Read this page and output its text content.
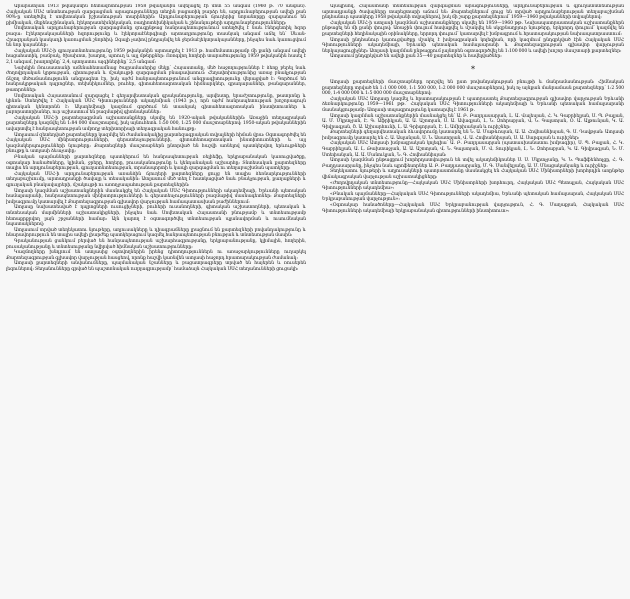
Արարատյան 1913 թվականին հետազոտության 1958 թվականին ավելացել էր մոտ 55 անգամ (1960 թ. 70 անգամ). Հայկական ՍՍՀ տնտեսության զարգացման արագությունները տեղին բացառիկ բարձր են, արդյունաբերության ավելի քան 90%-ը ստեղծվել է սովետական իշխանության տարիներին։ Արդյունաբերության ճյուղերից նորանորքը զարգանում են քիմիական, մեքենաշինական, էլեկտրատեխնիկական, ռադիոտեխնիկական և շինանյութերի արդյունաբերությունները։

Սովետական արդյունաբերության զարգացմանը զուգընթաց հանրապետությունում ստեղծվել է նաև էներգետիկ հզոր բազա։ Էլեկտրակայանների հզորությունը և էլեկտրաէներգիայի արտադրությունը տասնյակ անգամ աճել են՝ Սևան-Հրազդանյան կասկադի կառուցման շնորհիվ։ Զգալի չափով ընդլայնվել են ջերմաէլեկտրակայանները, ինչպես նաև կառուցվում են նոր կայաններ։

Հայկական ՍՍՀ-ի գյուղատնտեսությունը 1959 թվականին արտադրել է 1913 թ. համեմատությամբ մի քանի անգամ ավելի հացահատիկ, բամբակ, ծխախոտ, խաղող, պտուղ և այլ մթերքներ։ Ոռոգվող հողերի տարածությունը 1959 թվականին հասել է 2,1 անգամ, խաղողինը՝ 2,4, պտղատու այգիներինը՝ 2,5 անգամ։

Նախկին Ռուսաստանի ամենահետամնաց ծայրամասերից մեկը՝ Հայաստանը, մեծ հաջողություններ է ձեռք բերել նաև ժողովրդական կրթության, գիտության և մշակույթի զարգացման բնագավառում։ Հեղափոխությունից առաջ բնակչության ճնշող մեծամասնությունն անգրագետ էր, իսկ այժմ հանրապետությունում անգրագիտությունը վերացված է։ Գործում են հանրակրթական դպրոցներ, տեխնիկումներ, բուհեր, գիտահետազոտական հիմնարկներ, գրադարաններ, թանգարաններ, թատրոններ։

Սովետական Հայաստանում զարգացել է գեղարվեստական գրականությունը, արվեստը, երաժշտությունը, թատրոնը և կինոն։ Ստեղծվել է Հայկական ՍՍՀ Գիտությունների ակադեմիան (1943 թ.), որն այժմ հանրապետության խոշորագույն գիտական կենտրոնն է։ Ակադեմիայի կազմում գործում են տասնյակ գիտահետազոտական ինստիտուտներ և լաբորատորիաներ, ուր աշխատում են բազմաթիվ գիտնականներ։

Հայկական ՍՍՀ-ի քարտեզագրման աշխատանքները սկսվել են 1920-ական թվականներին։ Առաջին տեղագրական քարտեզները կազմվել են 1:84 000 մասշտաբով, իսկ այնուհետև 1:50 000, 1:25 000 մասշտաբներով։ 1950-ական թվականներին ավարտվել է հանրապետության ամբողջ տերիտորիայի տեղագրական հանույթը։

Ատլասում զետեղված քարտեզները կազմվել են ժամանակակից քարտեզագրական տվյալների հիման վրա։ Օգտագործվել են Հայկական ՍՍՀ մինիստրությունների, գերատեսչությունների, գիտահետազոտական ինստիտուտների և այլ կազմակերպությունների նյութերը։ Քարտեզների մասշտաբներն ընտրված են հաշվի առնելով պատկերվող երևույթների բնույթը և ատլասի ձևաչափը։

Բնական պայմանների քարտեզները պատկերում են հանրապետության ռելիեֆը, երկրաբանական կառուցվածքը, օգտակար հանածոները, կլիման, ջրերը, հողերը, բուսականությունը և կենդանական աշխարհը։ Տնտեսական քարտեզները տալիս են արդյունաբերության, գյուղատնտեսության, տրանսպորտի և կապի զարգացման ու տեղաբաշխման պատկերը։

Հայկական ՍՍՀ-ի արդյունաբերության առանձին ճյուղերի քարտեզները ցույց են տալիս ձեռնարկությունների տեղաբաշխումը, արտադրանքի ծավալը և տեսականին։ Ատլասում մեծ տեղ է հատկացված նաև բնակչության, քաղաքների և գյուղական բնակավայրերի, մշակույթի ու առողջապահության քարտեզներին։

Ատլասի կազմման աշխատանքներին մասնակցել են Հայկական ՍՍՀ Գիտությունների ակադեմիայի, Երևանի պետական համալսարանի, հանրապետության մինիստրությունների և գերատեսչությունների բազմաթիվ մասնագետներ։ Քարտեզների խմբագրումը կատարվել է Քարտեզագրության գլխավոր վարչության համապատասխան բաժիններում։

Ատլասը նախատեսված է դպրոցների ուսուցիչների, բուհերի ուսանողների, գիտական աշխատողների, պետական և տնտեսական մարմինների աշխատակիցների, ինչպես նաև Սովետական Հայաստանի բնությամբ և տնտեսությամբ հետաքրքրվող լայն շրջանների համար։ Այն կարող է օգտագործվել տնտեսության պլանավորման և ուսումնական նպատակներով։

Ատլասում տրված տեղեկատու նյութերը, աղյուսակները և դիագրամները լրացնում են քարտեզների բովանդակությունը և հնարավորություն են տալիս ավելի լիարժեք պատկերացում կազմել հանրապետության բնության և տնտեսության մասին։

Գրականության ցանկում բերված են հանրապետության աշխարհագրությանը, երկրաբանությանը, կլիմային, հողերին, բուսականությանը և տնտեսությանը նվիրված հիմնական աշխատությունները։

Կազմողները խնդրում են ատլասից օգտվողներին իրենց դիտողություններն ու առաջարկությունները ուղարկել Քարտեզագրության գլխավոր վարչության հասցեով, որոնք հաշվի կառնվեն ատլասի հաջորդ հրատարակության ժամանակ։

Ատլասի քարտեզների անվանումները, պայմանական նշանները և բացատրագրերը տրված են հայերեն և ռուսերեն լեզուներով։ Տեղանունները գրված են պաշտոնական ուղղագրությամբ՝ համաձայն Հայկական ՍՍՀ տեղանունների ցուցակի։

Այսպիսով, Հայաստանի տնտեսության զարգացման արագությունները, արդյունաբերության և գյուղատնտեսության արտադրանքի ծավալները տարեցտարի աճում են։ Քարտեզներում ցույց են տրված արդյունաբերության տեղաբաշխման ընդհանուր պատկերը 1958 թվականի տվյալներով, իսկ մի շարք քարտեզներում՝ 1959—1960 թվականների տվյալներով։

Հայկական ՍՍՀ-ի ատլասի կազմման աշխատանքները սկսվել են 1959—1960 թթ. Նախապատրաստական աշխատանքներն ընթացել են մի քանի փուլով։ Առաջին փուլում հավաքվել և մշակվել են սկզբնաղբյուր նյութերը, երկրորդ փուլում՝ կազմվել են քարտեզների հեղինակային օրինակները, երրորդ փուլում՝ կատարվել է խմբագրում և հրատարակության նախապատրաստում։

Ատլասի ընդհանուր կառուցվածքը մշակել է խմբագրական կոլեգիան, որի կազմում ընդգրկված էին Հայկական ՍՍՀ Գիտությունների ակադեմիայի, Երևանի պետական համալսարանի և Քարտեզագրության գլխավոր վարչության ներկայացուցիչներ։ Ատլասի կազմման ընթացքում լայնորեն օգտագործվել են 1:100 000 և ավելի խոշոր մասշտաբի քարտեզներ։

Ատլասում ընդգրկված են ավելի քան 35—40 քարտեզներ և հավելվածներ։

*

Ատլասի քարտեզների մասշտաբները որոշվել են ըստ բովանդակության բնույթի և մանրամասնության։ Հիմնական քարտեզները տրված են 1:1 000 000, 1:1 500 000, 1:2 000 000 մասշտաբներով, իսկ ոչ այնքան մանրամասն քարտեզները՝ 1:2 500 000, 1:4 000 000 և 1:5 000 000 մասշտաբներով։

Հայկական ՍՍՀ Ատլասը կազմել և հրատարակության է պատրաստել Քարտեզագրության գլխավոր վարչության Երևանի ձեռնարկությունը 1959—1961 թթ.՝ Հայկական ՍՍՀ Գիտությունների ակադեմիայի և Երևանի պետական համալսարանի մասնակցությամբ։ Ատլասի տպագրությունը կատարվել է 1961 թ.

Ատլասի կազմման աշխատանքներին մասնակցել են՝ Ա. Բ. Բաղդասարյան, Լ. Ա. Վալեսյան, Հ. Կ. Գաբրիելյան, Ս. Պ. Բալյան, Ա. Մ. Մկրտչյան, Է. Գ. Աֆրիկյան, Ա. Ա. Աշոտյան, Ս. Ա. Ավագյան, Լ. Ն. Զոհրաբյան, Վ. Ն. Գալստյան, Օ. Ա. Ալթունյան, Կ. Ա. Գիվրագյան, Շ. Ա. Աշխարհունի, Լ. Ա. Գրիգորյան, Է. Լ. Ամիրխանյան և ուրիշներ։

Քարտեզների գեղարվեստական ձևավորումը կատարել են Ն. Ա. Մաթևոսյան, Ա. Ա. Հովհաննիսյան, Գ. Ս. Դավթյան։ Ատլասի խմբագրումը կատարել են Հ. Ա. Ասլանյան, Ս. Ն. Ասատրյան, Վ. Ա. Հովհաննիսյան, Ս. Ա. Սարգսյան և ուրիշներ։

Հայկական ՍՍՀ Ատլասի խմբագրական կոլեգիա՝ Ա. Բ. Բաղդասարյան (պատասխանատու խմբագիր), Ս. Պ. Բալյան, Հ. Կ. Գաբրիելյան, Ա. Լ. Թախտաջյան, Ա. Ա. Աշոտյան, Վ. Ն. Գալստյան, Մ. Վ. Տուրիկյան, Լ. Ն. Զոհրաբյան, Կ. Ա. Գիվրագյան, Ն. Մ. Ստեփանյան, Ա. Ա. Մանուկյան, Ն. Գ. Հովհաննիսյան։

Ատլասի կազմման ընթացքում խորհրդատվություն են տվել ակադեմիկոսներ Ս. Ս. Մկրտչյանը, Կ. Ն. Պաֆֆենհոլցը, Հ. Գ. Բաղդասարյանը, ինչպես նաև պրոֆեսորներ Ա. Բ. Բաղդասարյանը, Մ. Գ. Մանվելյանը, Ա. Մ. Մնացականյանը և ուրիշներ։

Տեղեկատու նյութերի և աղյուսակների պատրաստմանը մասնակցել են Հայկական ՍՍՀ Մինիստրների խորհրդին առընթեր վիճակագրական վարչության աշխատակիցները։

«Ժողովրդական տնտեսությունը—Հայկական ՍՍՀ Մինիստրների խորհուրդ, Հայկական ՍՍՀ Պետպլան, Հայկական ՍՍՀ Գիտությունների ակադեմիա»։

«Բնական պայմանները—Հայկական ՍՍՀ Գիտությունների ակադեմիա, Երևանի պետական համալսարան, Հայկական ՍՍՀ Երկրաբանության վարչություն»։

«Օգտակար հանածոները—Հայկական ՍՍՀ Երկրաբանության վարչություն, Հ. Գ. Մաղաքյան, Հայկական ՍՍՀ Գիտությունների ակադեմիայի երկրաբանական գիտությունների ինստիտուտ»։
